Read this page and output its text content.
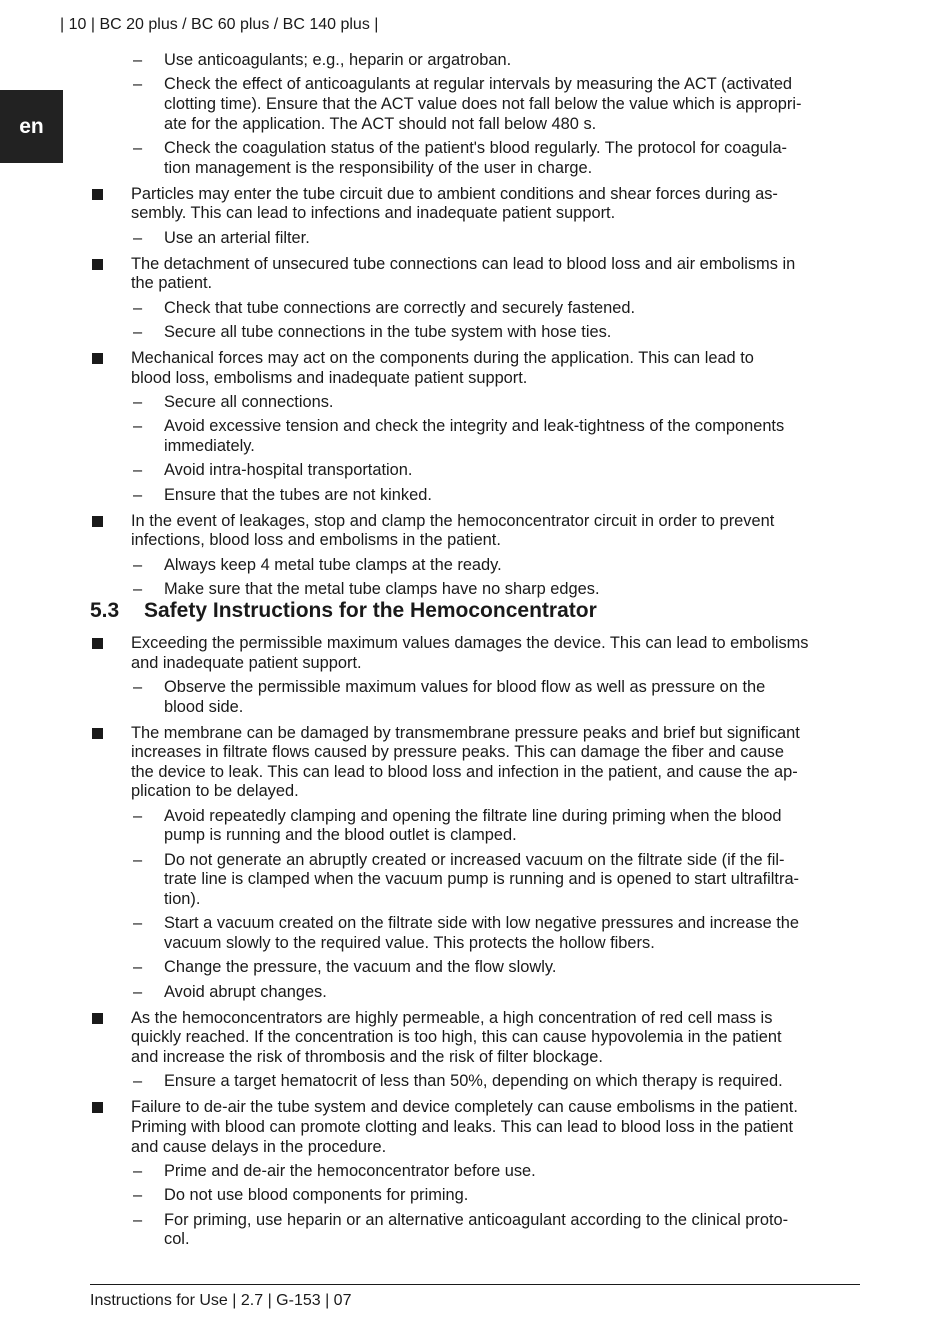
| 10 | BC 20 plus / BC 60 plus / BC 140 plus |
en
– Use anticoagulants; e.g., heparin or argatroban.
– Check the effect of anticoagulants at regular intervals by measuring the ACT (activated
clotting time). Ensure that the ACT value does not fall below the value which is appropri-
ate for the application. The ACT should not fall below 480 s.
– Check the coagulation status of the patient's blood regularly. The protocol for coagula-
tion management is the responsibility of the user in charge.
Particles may enter the tube circuit due to ambient conditions and shear forces during as-
sembly. This can lead to infections and inadequate patient support.
– Use an arterial filter.
The detachment of unsecured tube connections can lead to blood loss and air embolisms in
the patient.
– Check that tube connections are correctly and securely fastened.
– Secure all tube connections in the tube system with hose ties.
Mechanical forces may act on the components during the application. This can lead to
blood loss, embolisms and inadequate patient support.
– Secure all connections.
– Avoid excessive tension and check the integrity and leak-tightness of the components
immediately.
– Avoid intra-hospital transportation.
– Ensure that the tubes are not kinked.
In the event of leakages, stop and clamp the hemoconcentrator circuit in order to prevent
infections, blood loss and embolisms in the patient.
– Always keep 4 metal tube clamps at the ready.
– Make sure that the metal tube clamps have no sharp edges.
Exceeding the permissible maximum values damages the device. This can lead to embolisms
and inadequate patient support.
– Observe the permissible maximum values for blood flow as well as pressure on the
blood side.
The membrane can be damaged by transmembrane pressure peaks and brief but significant
increases in filtrate flows caused by pressure peaks. This can damage the fiber and cause
the device to leak. This can lead to blood loss and infection in the patient, and cause the ap-
plication to be delayed.
– Avoid repeatedly clamping and opening the filtrate line during priming when the blood
pump is running and the blood outlet is clamped.
– Do not generate an abruptly created or increased vacuum on the filtrate side (if the fil-
trate line is clamped when the vacuum pump is running and is opened to start ultrafiltra-
tion).
– Start a vacuum created on the filtrate side with low negative pressures and increase the
vacuum slowly to the required value. This protects the hollow fibers.
– Change the pressure, the vacuum and the flow slowly.
– Avoid abrupt changes.
As the hemoconcentrators are highly permeable, a high concentration of red cell mass is
quickly reached. If the concentration is too high, this can cause hypovolemia in the patient
and increase the risk of thrombosis and the risk of filter blockage.
– Ensure a target hematocrit of less than 50%, depending on which therapy is required.
Failure to de-air the tube system and device completely can cause embolisms in the patient.
Priming with blood can promote clotting and leaks. This can lead to blood loss in the patient
and cause delays in the procedure.
– Prime and de-air the hemoconcentrator before use.
– Do not use blood components for priming.
– For priming, use heparin or an alternative anticoagulant according to the clinical proto-
col.
5.3 Safety Instructions for the Hemoconcentrator
Instructions for Use | 2.7 | G-153 | 07
